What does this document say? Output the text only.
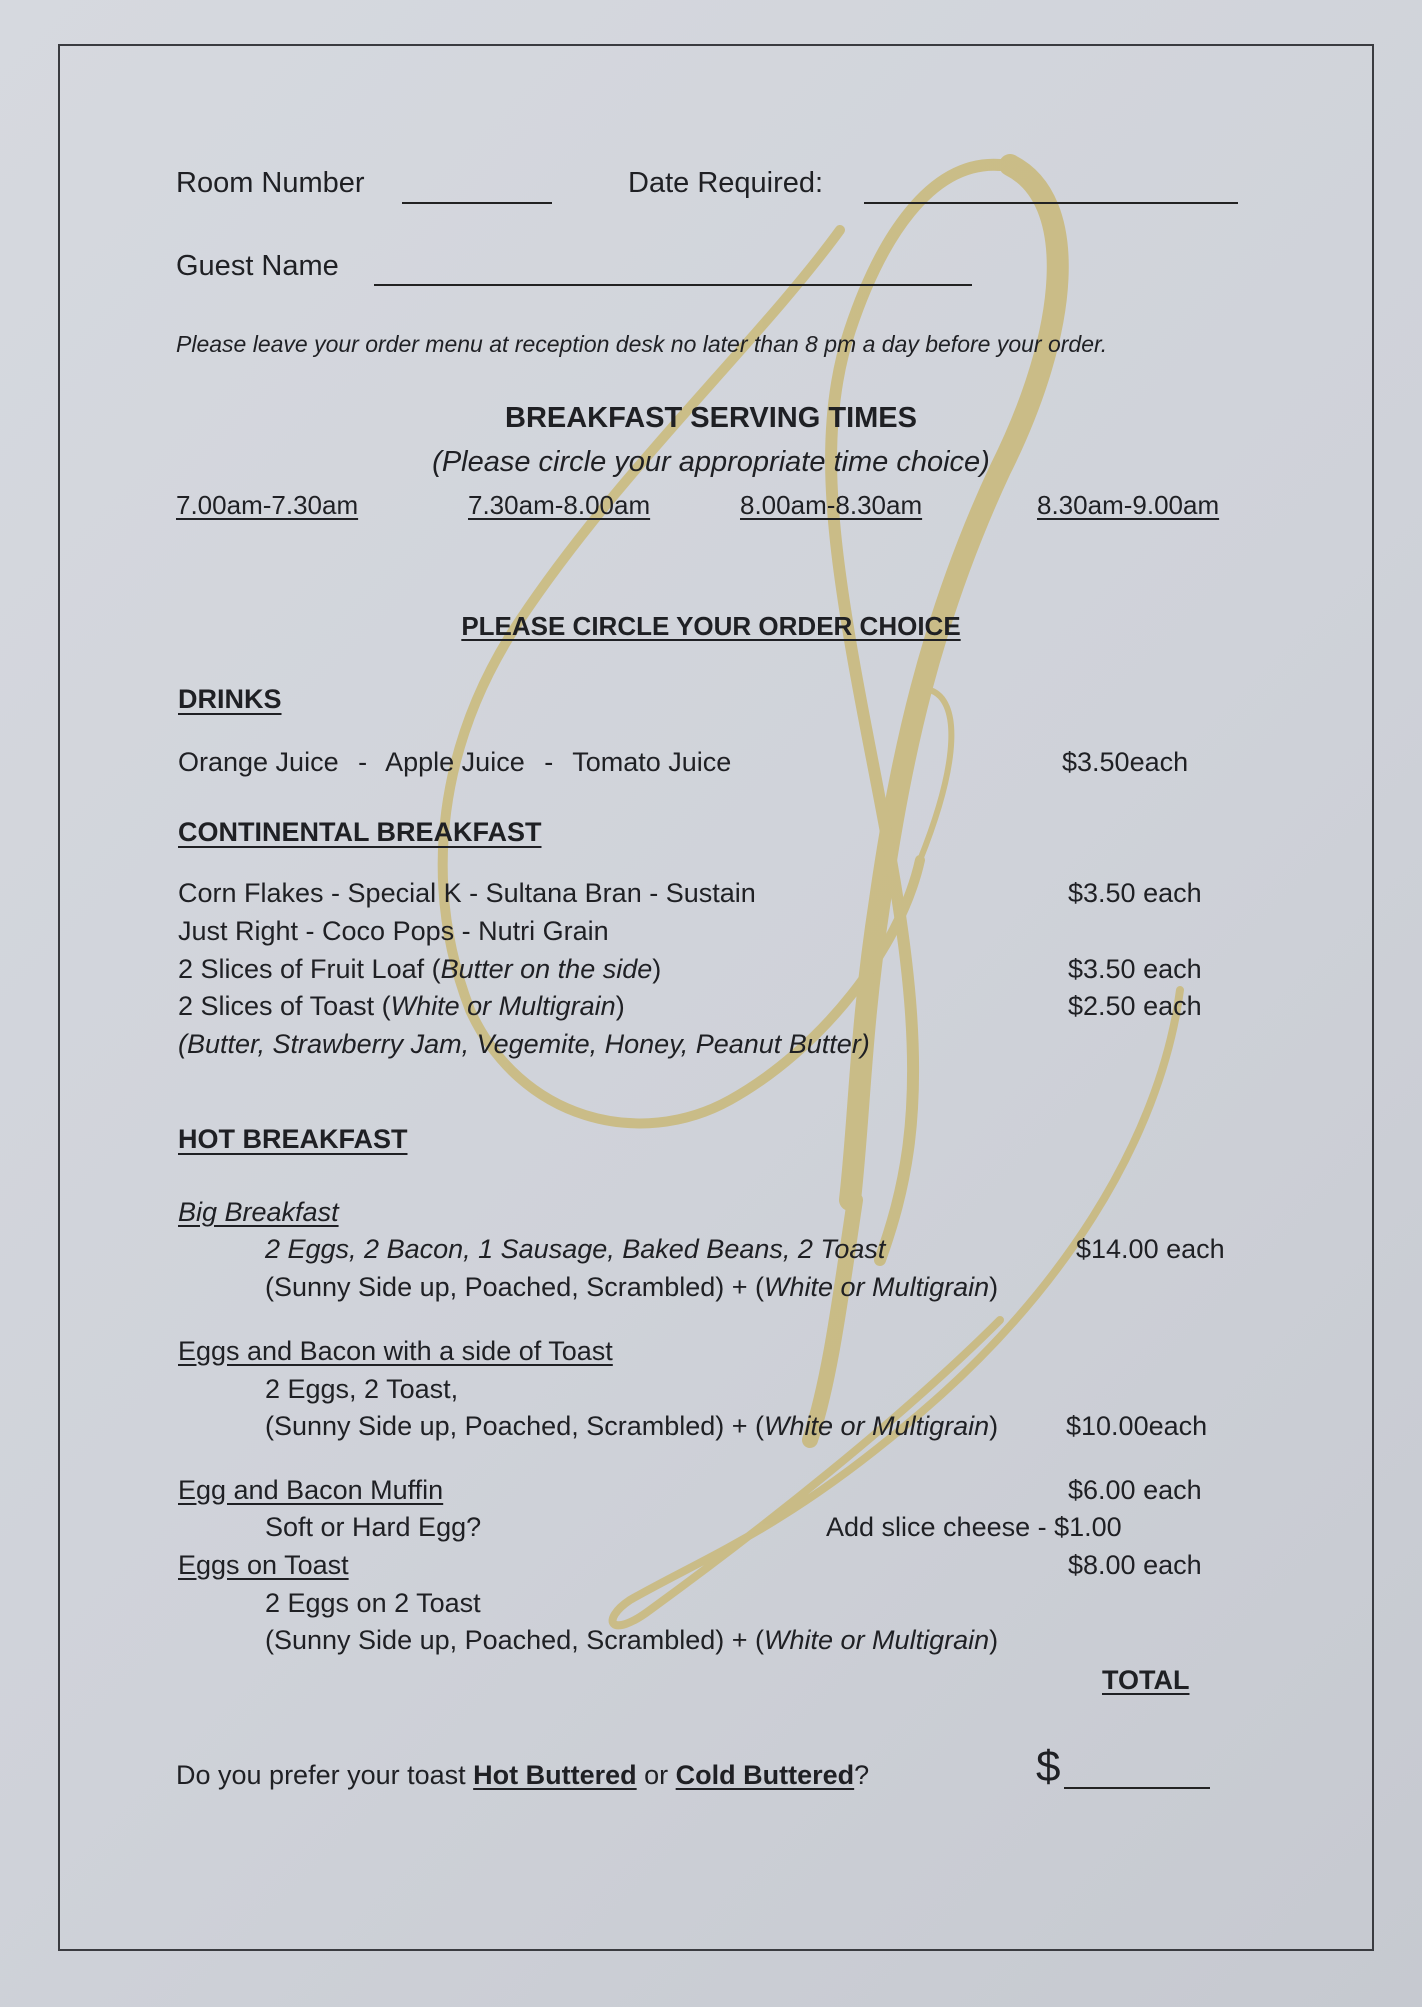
Room Number	Date Required:
Guest Name
Please leave your order menu at reception desk no later than 8 pm a day before your order.
BREAKFAST SERVING TIMES
(Please circle your appropriate time choice)
7.00am-7.30am	7.30am-8.00am	8.00am-8.30am	8.30am-9.00am
PLEASE CIRCLE YOUR ORDER CHOICE
DRINKS
Orange Juice - Apple Juice - Tomato Juice	$3.50each
CONTINENTAL BREAKFAST
Corn Flakes - Special K - Sultana Bran - Sustain	$3.50 each
Just Right - Coco Pops - Nutri Grain
2 Slices of Fruit Loaf (Butter on the side)	$3.50 each
2 Slices of Toast (White or Multigrain)	$2.50 each
(Butter, Strawberry Jam, Vegemite, Honey, Peanut Butter)
HOT BREAKFAST
Big Breakfast
2 Eggs, 2 Bacon, 1 Sausage, Baked Beans, 2 Toast	$14.00 each
(Sunny Side up, Poached, Scrambled) + (White or Multigrain)
Eggs and Bacon with a side of Toast
2 Eggs, 2 Toast,
(Sunny Side up, Poached, Scrambled) + (White or Multigrain)	$10.00each
Egg and Bacon Muffin	$6.00 each
Soft or Hard Egg?	Add slice cheese - $1.00
Eggs on Toast	$8.00 each
2 Eggs on 2 Toast
(Sunny Side up, Poached, Scrambled) + (White or Multigrain)
TOTAL
Do you prefer your toast Hot Buttered or Cold Buttered?	$
